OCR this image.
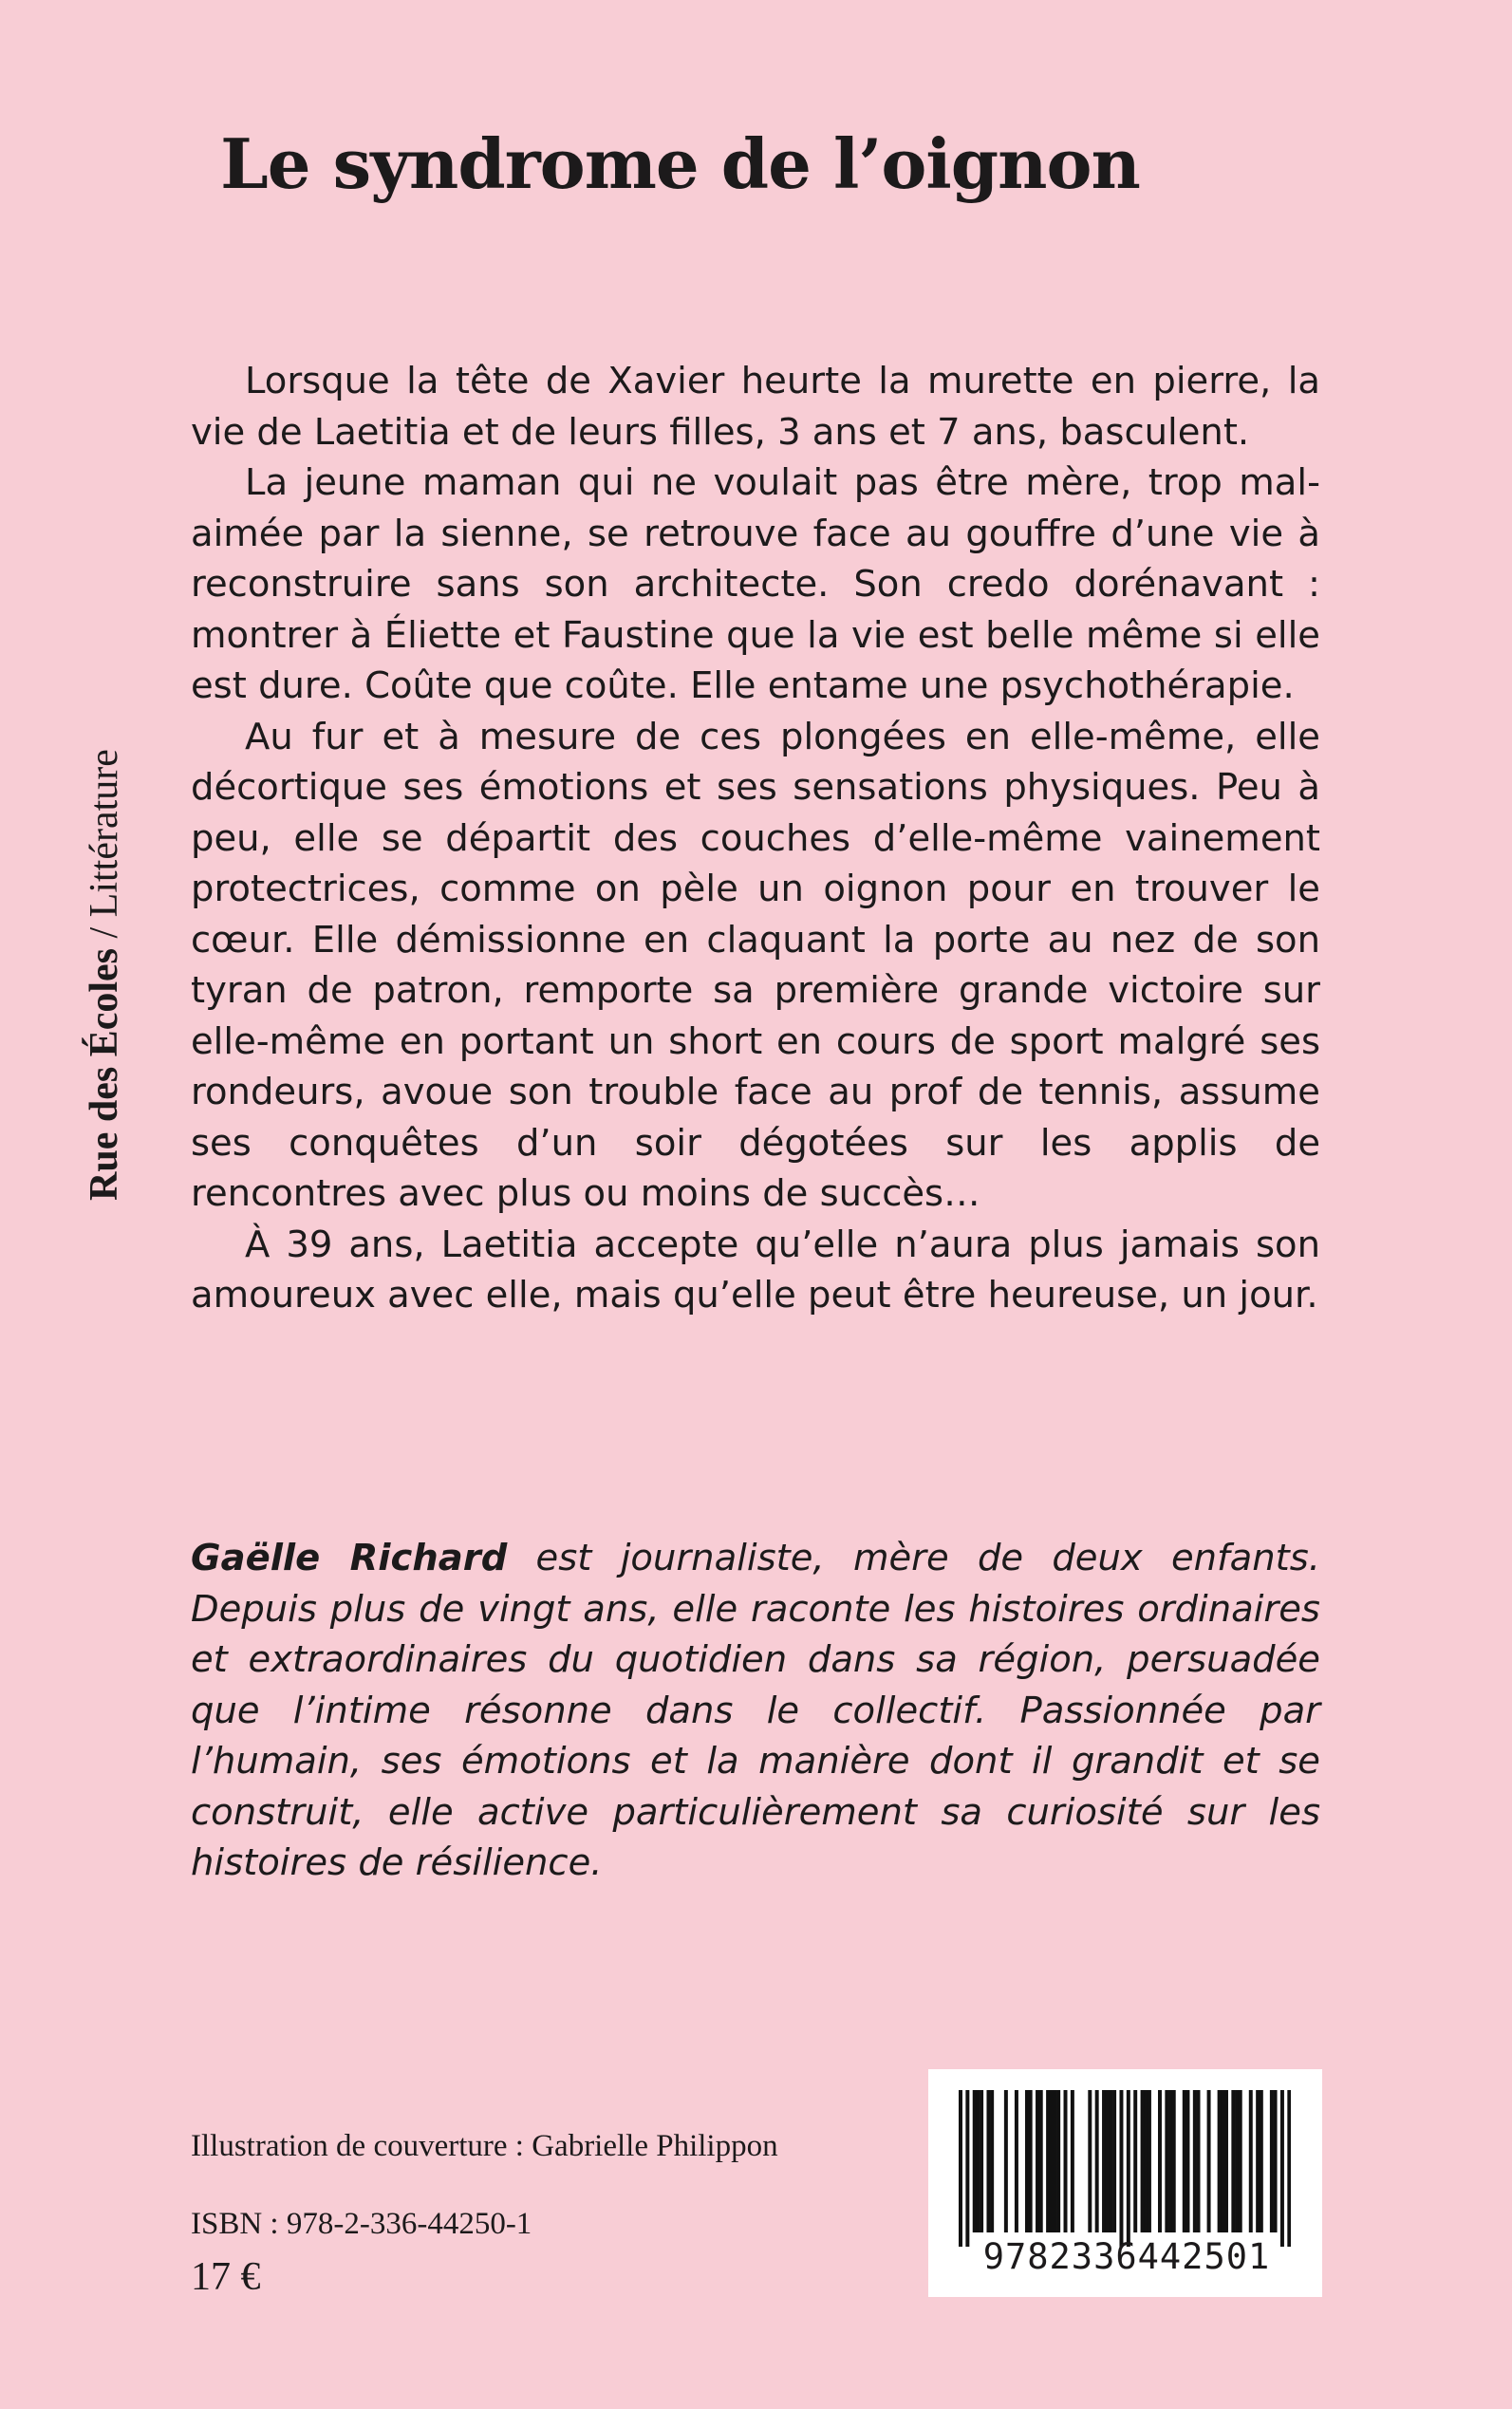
Rue des Écoles / Littérature
Le syndrome de l’oignon

Lorsque la tête de Xavier heurte la murette en pierre, la vie de Laetitia et de leurs filles, 3 ans et 7 ans, basculent.

La jeune maman qui ne voulait pas être mère, trop mal-aimée par la sienne, se retrouve face au gouffre d’une vie à reconstruire sans son architecte. Son credo dorénavant : montrer à Éliette et Faustine que la vie est belle même si elle est dure. Coûte que coûte. Elle entame une psychothérapie.

Au fur et à mesure de ces plongées en elle-même, elle décortique ses émotions et ses sensations physiques. Peu à peu, elle se départit des couches d’elle-même vainement protectrices, comme on pèle un oignon pour en trouver le cœur. Elle démissionne en claquant la porte au nez de son tyran de patron, remporte sa première grande victoire sur elle-même en portant un short en cours de sport malgré ses rondeurs, avoue son trouble face au prof de tennis, assume ses conquêtes d’un soir dégotées sur les applis de rencontres avec plus ou moins de succès…

À 39 ans, Laetitia accepte qu’elle n’aura plus jamais son amoureux avec elle, mais qu’elle peut être heureuse, un jour.

Gaëlle Richard est journaliste, mère de deux enfants. Depuis plus de vingt ans, elle raconte les histoires ordinaires et extraordinaires du quotidien dans sa région, persuadée que l’intime résonne dans le collectif. Passionnée par l’humain, ses émotions et la manière dont il grandit et se construit, elle active particulièrement sa curiosité sur les histoires de résilience.
Illustration de couverture : Gabrielle Philippon
ISBN : 978-2-336-44250-1
17 €	9782336442501
